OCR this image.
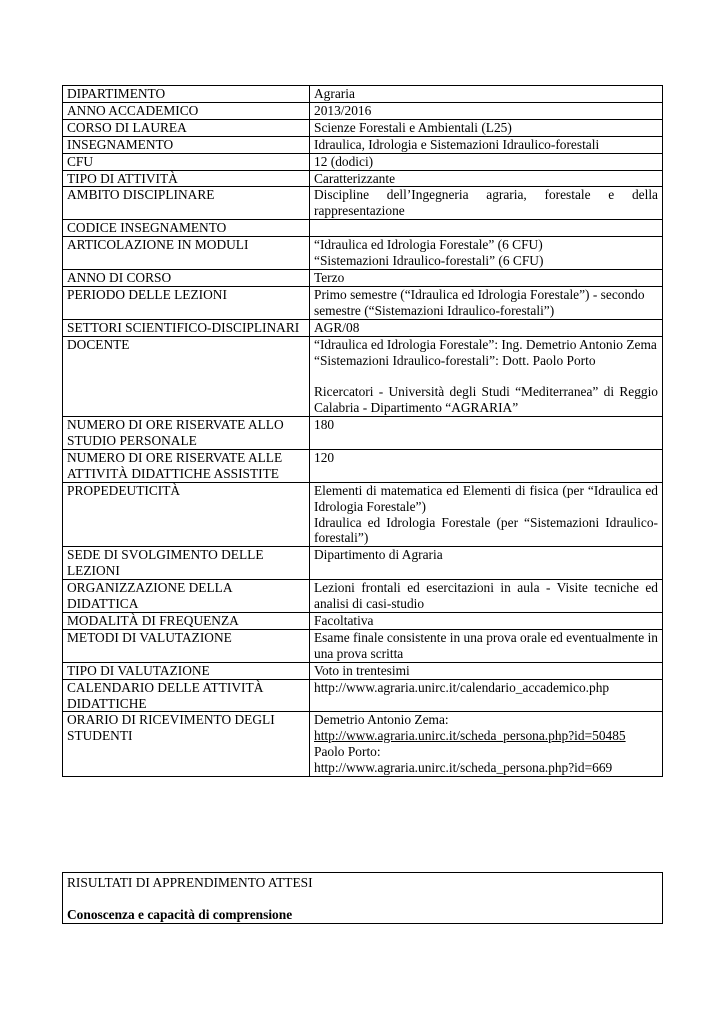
DIPARTIMENTO	Agraria

ANNO ACCADEMICO	2013/2016

CORSO DI LAUREA	Scienze Forestali e Ambientali (L25)

INSEGNAMENTO	Idraulica, Idrologia e Sistemazioni Idraulico-forestali

CFU	12 (dodici)

TIPO DI ATTIVITÀ	Caratterizzante

AMBITO DISCIPLINARE	Discipline dell’Ingegneria agraria, forestale e della rappresentazione

CODICE INSEGNAMENTO	

ARTICOLAZIONE IN MODULI	“Idraulica ed Idrologia Forestale” (6 CFU)
“Sistemazioni Idraulico-forestali” (6 CFU)

ANNO DI CORSO	Terzo

PERIODO DELLE LEZIONI	Primo semestre (“Idraulica ed Idrologia Forestale”) - secondo semestre (“Sistemazioni Idraulico-forestali”)

SETTORI SCIENTIFICO-DISCIPLINARI	AGR/08

DOCENTE	“Idraulica ed Idrologia Forestale”: Ing. Demetrio Antonio Zema
“Sistemazioni Idraulico-forestali”: Dott. Paolo Porto
Ricercatori - Università degli Studi “Mediterranea” di Reggio Calabria - Dipartimento “AGRARIA”

NUMERO DI ORE RISERVATE ALLO STUDIO PERSONALE	180

NUMERO DI ORE RISERVATE ALLE ATTIVITÀ DIDATTICHE ASSISTITE	120

PROPEDEUTICITÀ	Elementi di matematica ed Elementi di fisica (per “Idraulica ed Idrologia Forestale”)
Idraulica ed Idrologia Forestale (per “Sistemazioni Idraulico-forestali”)

SEDE DI SVOLGIMENTO DELLE LEZIONI	Dipartimento di Agraria

ORGANIZZAZIONE DELLA DIDATTICA	Lezioni frontali ed esercitazioni in aula - Visite tecniche ed analisi di casi-studio

MODALITÀ DI FREQUENZA	Facoltativa

METODI DI VALUTAZIONE	Esame finale consistente in una prova orale ed eventualmente in una prova scritta

TIPO DI VALUTAZIONE	Voto in trentesimi

CALENDARIO DELLE ATTIVITÀ DIDATTICHE	http://www.agraria.unirc.it/calendario_accademico.php

ORARIO DI RICEVIMENTO DEGLI STUDENTI	Demetrio Antonio Zema:
http://www.agraria.unirc.it/scheda_persona.php?id=50485
Paolo Porto:
http://www.agraria.unirc.it/scheda_persona.php?id=669
RISULTATI DI APPRENDIMENTO ATTESI
Conoscenza e capacità di comprensione
